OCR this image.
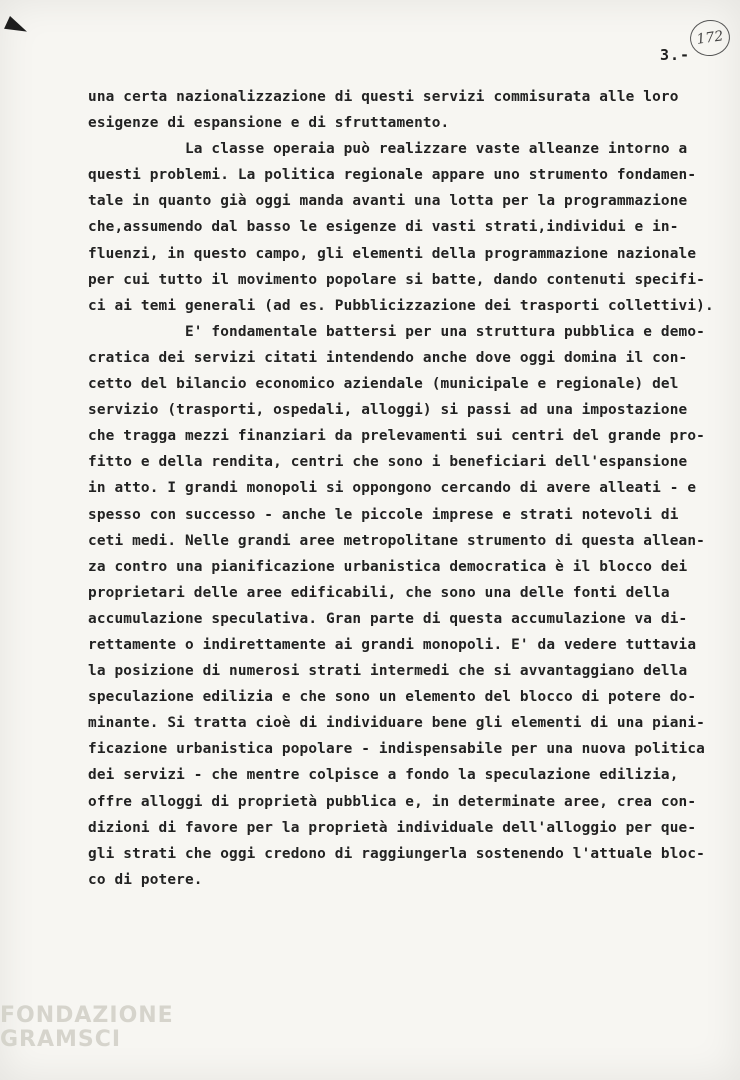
172
3.-
una certa nazionalizzazione di questi servizi commisurata alle loro
esigenze di espansione e di sfruttamento.
La classe operaia può realizzare vaste alleanze intorno a
questi problemi. La politica regionale appare uno strumento fondamen-
tale in quanto già oggi manda avanti una lotta per la programmazione
che,assumendo dal basso le esigenze di vasti strati,individui e in-
fluenzi, in questo campo, gli elementi della programmazione nazionale
per cui tutto il movimento popolare si batte, dando contenuti specifi-
ci ai temi generali (ad es. Pubblicizzazione dei trasporti collettivi).
E' fondamentale battersi per una struttura pubblica e demo-
cratica dei servizi citati intendendo anche dove oggi domina il con-
cetto del bilancio economico aziendale (municipale e regionale) del
servizio (trasporti, ospedali, alloggi) si passi ad una impostazione
che tragga mezzi finanziari da prelevamenti sui centri del grande pro-
fitto e della rendita, centri che sono i beneficiari dell'espansione
in atto. I grandi monopoli si oppongono cercando di avere alleati - e
spesso con successo - anche le piccole imprese e strati notevoli di
ceti medi. Nelle grandi aree metropolitane strumento di questa allean-
za contro una pianificazione urbanistica democratica è il blocco dei
proprietari delle aree edificabili, che sono una delle fonti della
accumulazione speculativa. Gran parte di questa accumulazione va di-
rettamente o indirettamente ai grandi monopoli. E' da vedere tuttavia
la posizione di numerosi strati intermedi che si avvantaggiano della
speculazione edilizia e che sono un elemento del blocco di potere do-
minante. Si tratta cioè di individuare bene gli elementi di una piani-
ficazione urbanistica popolare - indispensabile per una nuova politica
dei servizi - che mentre colpisce a fondo la speculazione edilizia,
offre alloggi di proprietà pubblica e, in determinate aree, crea con-
dizioni di favore per la proprietà individuale dell'alloggio per que-
gli strati che oggi credono di raggiungerla sostenendo l'attuale bloc-
co di potere.
FONDAZIONE
GRAMSCI
